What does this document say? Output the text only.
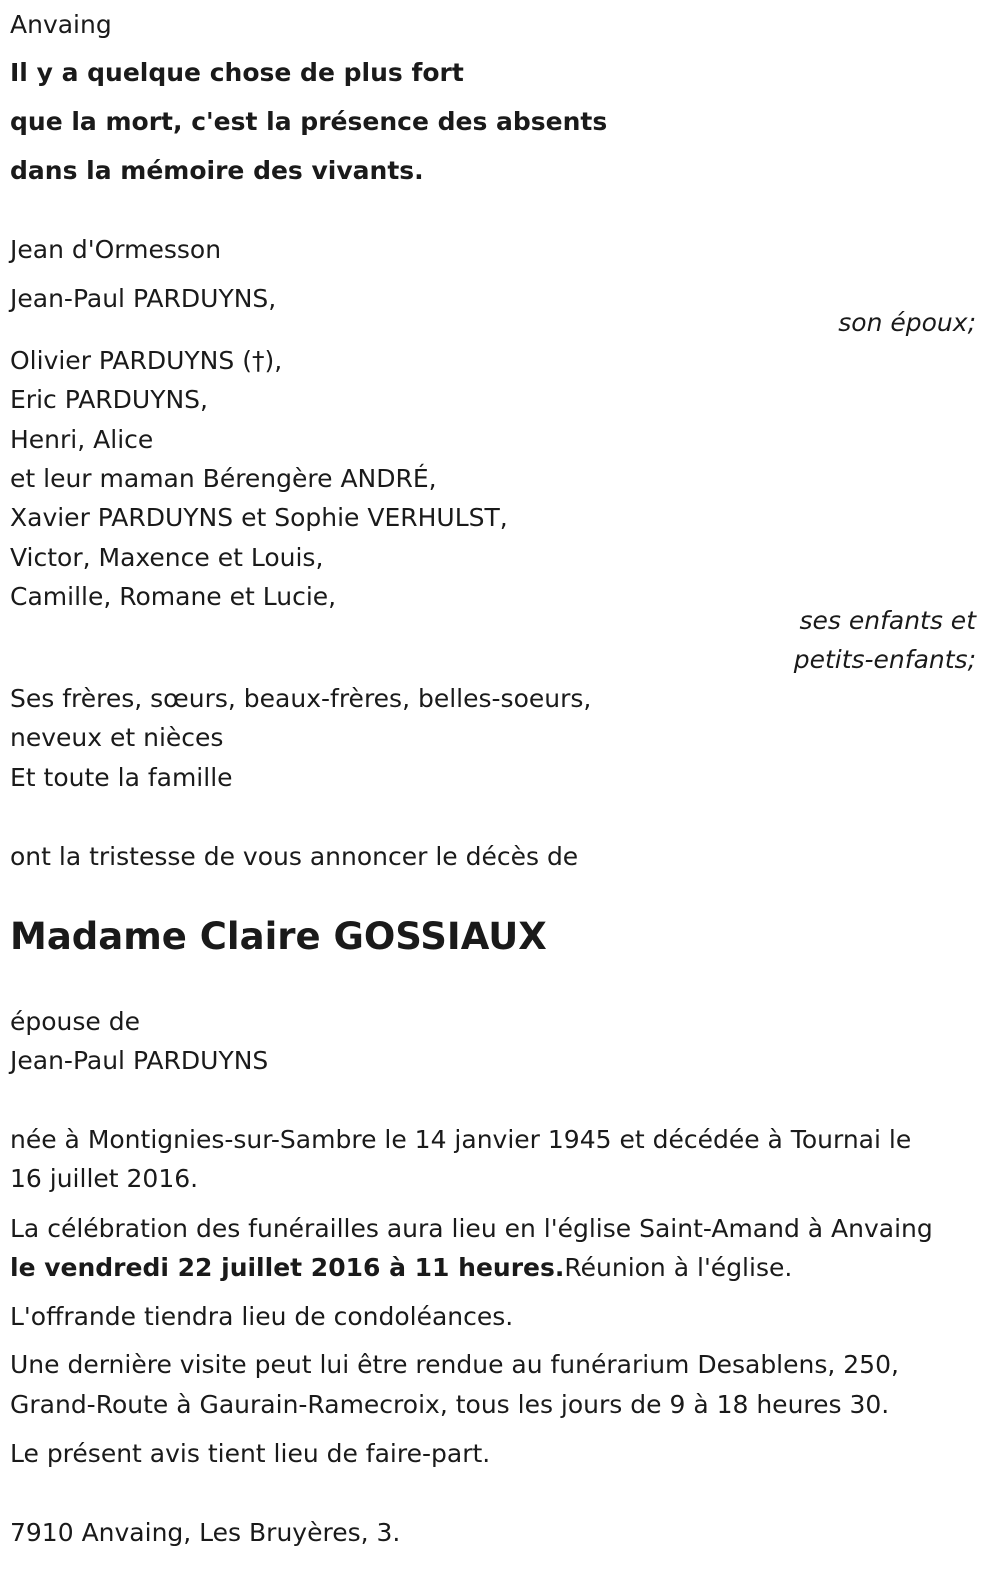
Anvaing
Il y a quelque chose de plus fort
que la mort, c'est la présence des absents
dans la mémoire des vivants.
Jean d'Ormesson
Jean-Paul PARDUYNS,
son époux;
Olivier PARDUYNS (†),
Eric PARDUYNS,
Henri, Alice
et leur maman Bérengère ANDRÉ,
Xavier PARDUYNS et Sophie VERHULST,
Victor, Maxence et Louis,
Camille, Romane et Lucie,
ses enfants et
petits-enfants;
Ses frères, sœurs, beaux-frères, belles-soeurs,
neveux et nièces
Et toute la famille
ont la tristesse de vous annoncer le décès de
Madame Claire GOSSIAUX
épouse de
Jean-Paul PARDUYNS
née à Montignies-sur-Sambre le 14 janvier 1945 et décédée à Tournai le
16 juillet 2016.
La célébration des funérailles aura lieu en l'église Saint-Amand à Anvaing
le vendredi 22 juillet 2016 à 11 heures.Réunion à l'église.
L'offrande tiendra lieu de condoléances.
Une dernière visite peut lui être rendue au funérarium Desablens, 250,
Grand-Route à Gaurain-Ramecroix, tous les jours de 9 à 18 heures 30.
Le présent avis tient lieu de faire-part.
7910 Anvaing, Les Bruyères, 3.
